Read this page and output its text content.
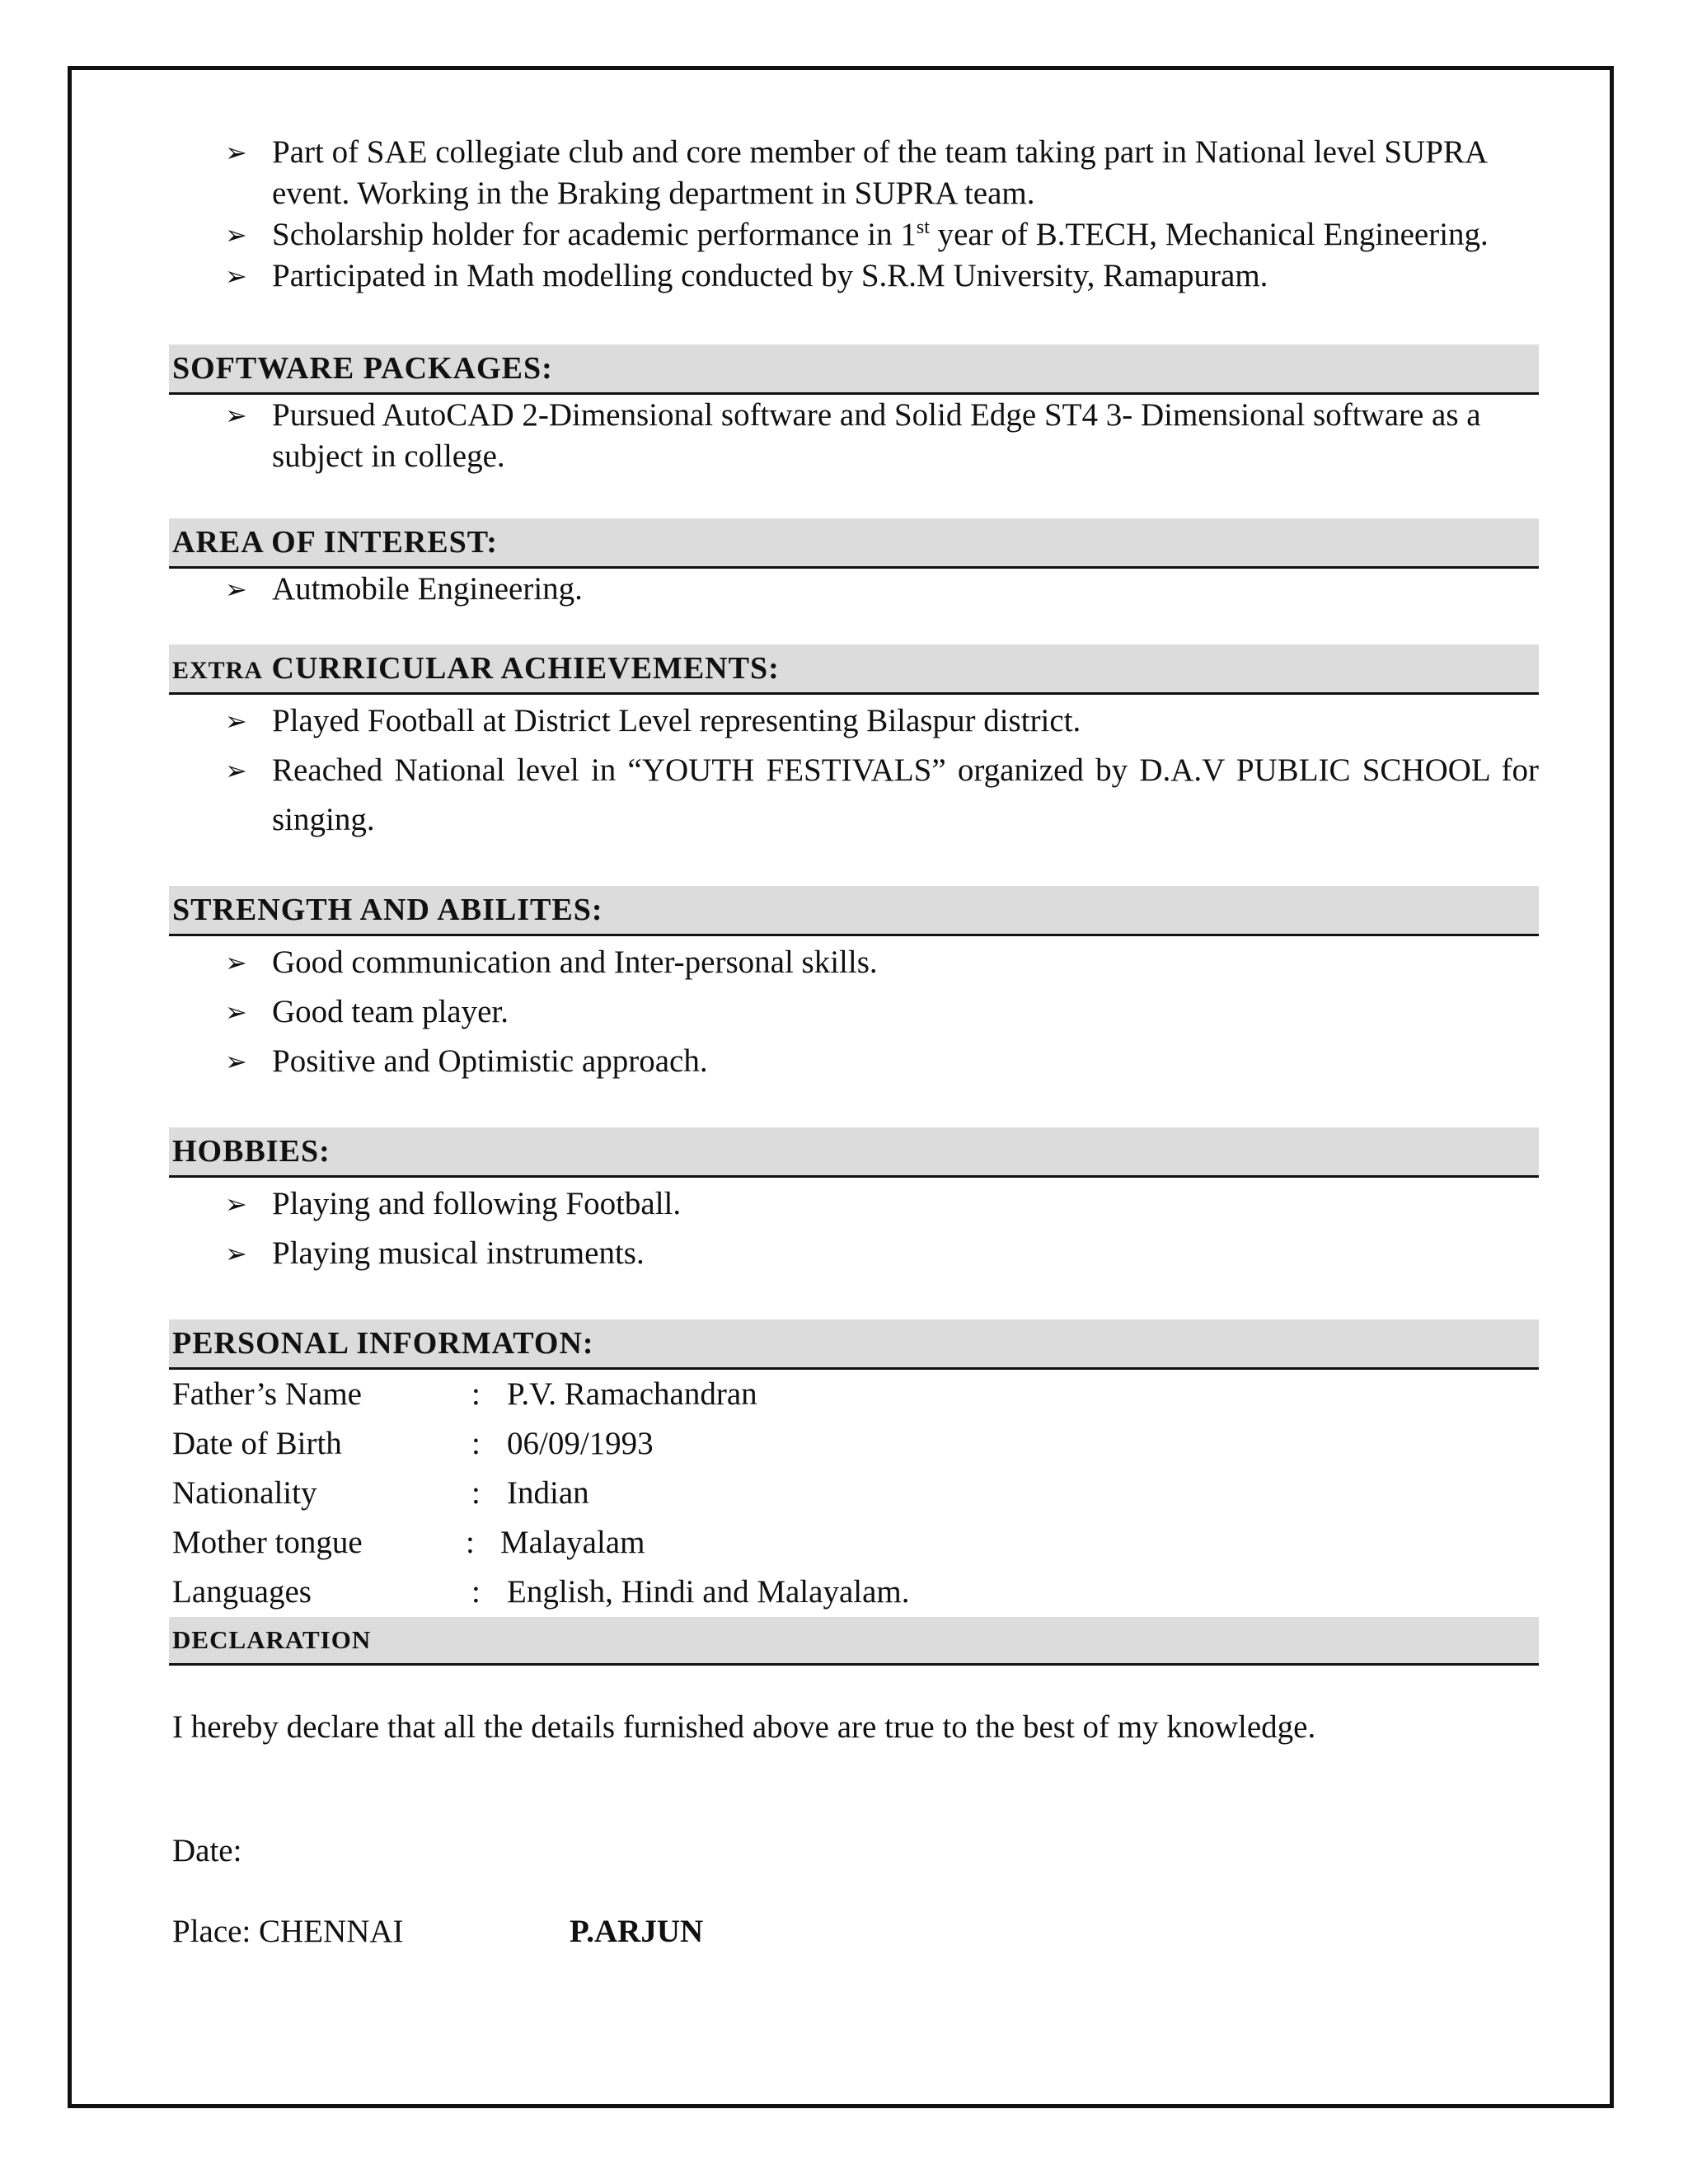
➢ Part of SAE collegiate club and core member of the team taking part in National level SUPRA event. Working in the Braking department in SUPRA team.
➢ Scholarship holder for academic performance in 1st year of B.TECH, Mechanical Engineering.
➢ Participated in Math modelling conducted by S.R.M University, Ramapuram.
SOFTWARE PACKAGES:
➢ Pursued AutoCAD 2-Dimensional software and Solid Edge ST4 3- Dimensional software as a subject in college.
AREA OF INTEREST:
➢ Autmobile Engineering.
EXTRA CURRICULAR ACHIEVEMENTS:
➢ Played Football at District Level representing Bilaspur district.
➢ Reached National level in “YOUTH FESTIVALS” organized by D.A.V PUBLIC SCHOOL for singing.
STRENGTH AND ABILITES:
➢ Good communication and Inter-personal skills.
➢ Good team player.
➢ Positive and Optimistic approach.
HOBBIES:
➢ Playing and following Football.
➢ Playing musical instruments.
PERSONAL INFORMATON:
Father’s Name	: P.V. Ramachandran
Date of Birth	: 06/09/1993
Nationality	: Indian
Mother tongue	: Malayalam
Languages	: English, Hindi and Malayalam.
DECLARATION
I hereby declare that all the details furnished above are true to the best of my knowledge.
Date:
Place: CHENNAI	P.ARJUN
